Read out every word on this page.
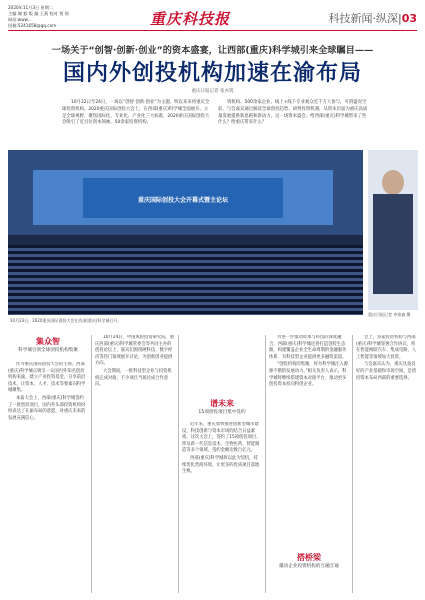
2020年11月3日 星期二
主编 谢 毅 版 编 王燕 校对 贾 铭
网站:www...
投稿:5241658@qq.com	重庆科技报	科技新闻·纵深|03
一场关于“创智·创新·创业”的资本盛宴，让西部(重庆)科学城引来全球瞩目——
国内外创投机构加速在渝布局
重庆日报记者 张亦筑
10月22日至24日，一场以“创智·创新·创业”为主题，明以来来将重庆全球投资机构。2020重庆国际创投大会上，在西部(重庆)科学城全面展开。立足全球视野，聚焦国际化、专业化、产业化三大标准，2020重庆国际创投大会吸引了近百位资本领袖、50余家投资机构。
资机构、500余家企业、线上+线下专业观众近千万人参与，可谓盛况空前。与会嘉宾通过解读全球创投趋势、研判投资机遇，从资本层面为重庆高质量发展提供新思路和新动力。这一场资本盛会，给西部(重庆)科学城带来了些什么？给重庆带来什么？
重庆国际创投大会开幕式暨主论坛
10月23日，2020重庆国际创投大会在西部(重庆)科学城召开。
重庆日报记者 齐岚森 摄
集众智
科学城引领全球创投机构集聚

作为重庆国际创投大会的主场，西部(重庆)科学城正吸引一众国内外知名创投机构来渝，建立产业投资基金，分享前沿技术，让资本、人才、技术等要素向科学城聚集。

本届大会上，西部(重庆)科学城签约了一批创投项目，国内外头部投资机构纷纷表达了在渝布局的意愿，对重庆未来的发展充满信心。

10月24日，中国风险投资研究院、重庆西部(重庆)科学城管委会等共同主办的创投论坛上，嘉宾们围绕硬科技、数字经济等热门领域展开讨论，为创新创业提供方向。

大会期间，一批科技型企业与投资机构完成对接，不少项目当场达成合作意向。

谱未来
15项创投项目集中签约

近年来，重庆加快推进创新型城市建设，科技创新与资本市场的结合日益紧密。这次大会上，签约了15项创投项目，涉及新一代信息技术、生物医药、智能制造等多个领域，签约金额达数百亿元。

西部(重庆)科学城将以此为契机，持续优化营商环境，让更多的优质项目落地生根。

为进一步推动资本与科技的深度融合，西部(重庆)科学城还将打造创投生态圈，构建覆盖企业全生命周期的金融服务体系，为科技型企业提供更多融资渠道。

“创投机构的集聚，将为科学城注入源源不断的发展动力。”相关负责人表示，科学城将继续搭建资本对接平台，推动更多创投资本投向科创企业。

搭桥梁
撬动企业投资机构的互融互通

会上，多家投资机构与西部(重庆)科学城签署合作协议，将在智能网联汽车、集成电路、人工智能等领域加大投资。

与会嘉宾认为，重庆具备良好的产业基础和市场空间，是创投资本布局西部的重要选择。
